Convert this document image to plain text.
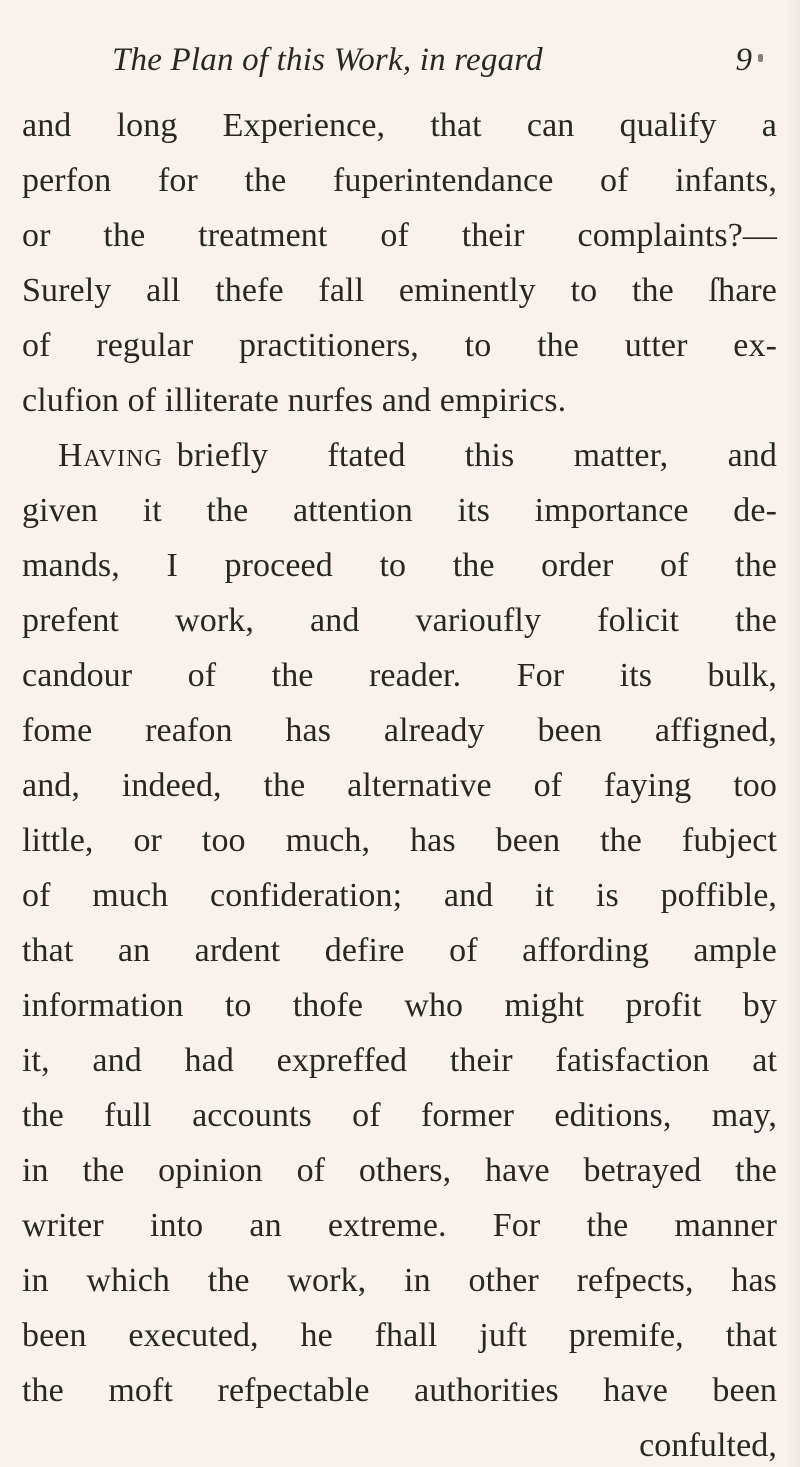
The Plan of this Work, in regard	9
and long Experience, that can qualify a
perfon for the fuperintendance of infants,
or the treatment of their complaints?—
Surely all thefe fall eminently to the ſhare
of regular practitioners, to the utter ex-
clufion of illiterate nurfes and empirics.
Having briefly ftated this matter, and
given it the attention its importance de-
mands, I proceed to the order of the
prefent work, and varioufly folicit the
candour of the reader. For its bulk,
fome reafon has already been affigned,
and, indeed, the alternative of faying too
little, or too much, has been the fubject
of much confideration; and it is poffible,
that an ardent defire of affording ample
information to thofe who might profit by
it, and had expreffed their fatisfaction at
the full accounts of former editions, may,
in the opinion of others, have betrayed the
writer into an extreme. For the manner
in which the work, in other refpects, has
been executed, he fhall juft premife, that
the moft refpectable authorities have been
confulted,
